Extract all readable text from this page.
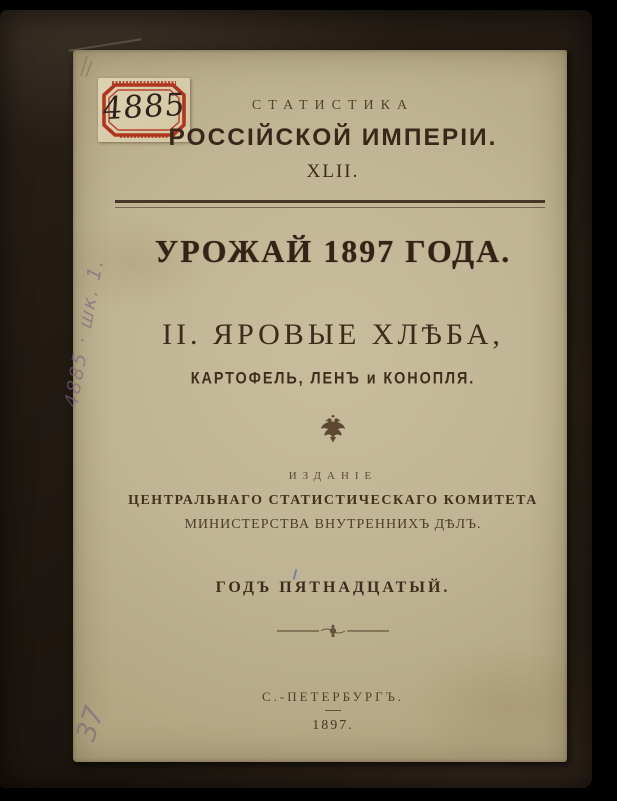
4885	СТАТИСТИКА
РОССІЙСКОЙ ИМПЕРІИ.
XLII.
УРОЖАЙ 1897 ГОДА.
II. ЯРОВЫЕ ХЛѢБА,
КАРТОФЕЛЬ, ЛЕНЪ и КОНОПЛЯ.
ИЗДАНІЕ
ЦЕНТРАЛЬНАГО СТАТИСТИЧЕСКАГО КОМИТЕТА
МИНИСТЕРСТВА ВНУТРЕННИХЪ ДѢЛЪ.
ГОДЪ ПЯТНАДЦАТЫЙ.
С.-ПЕТЕРБУРГЪ.
1897.
4885 · шк. 1.
37
